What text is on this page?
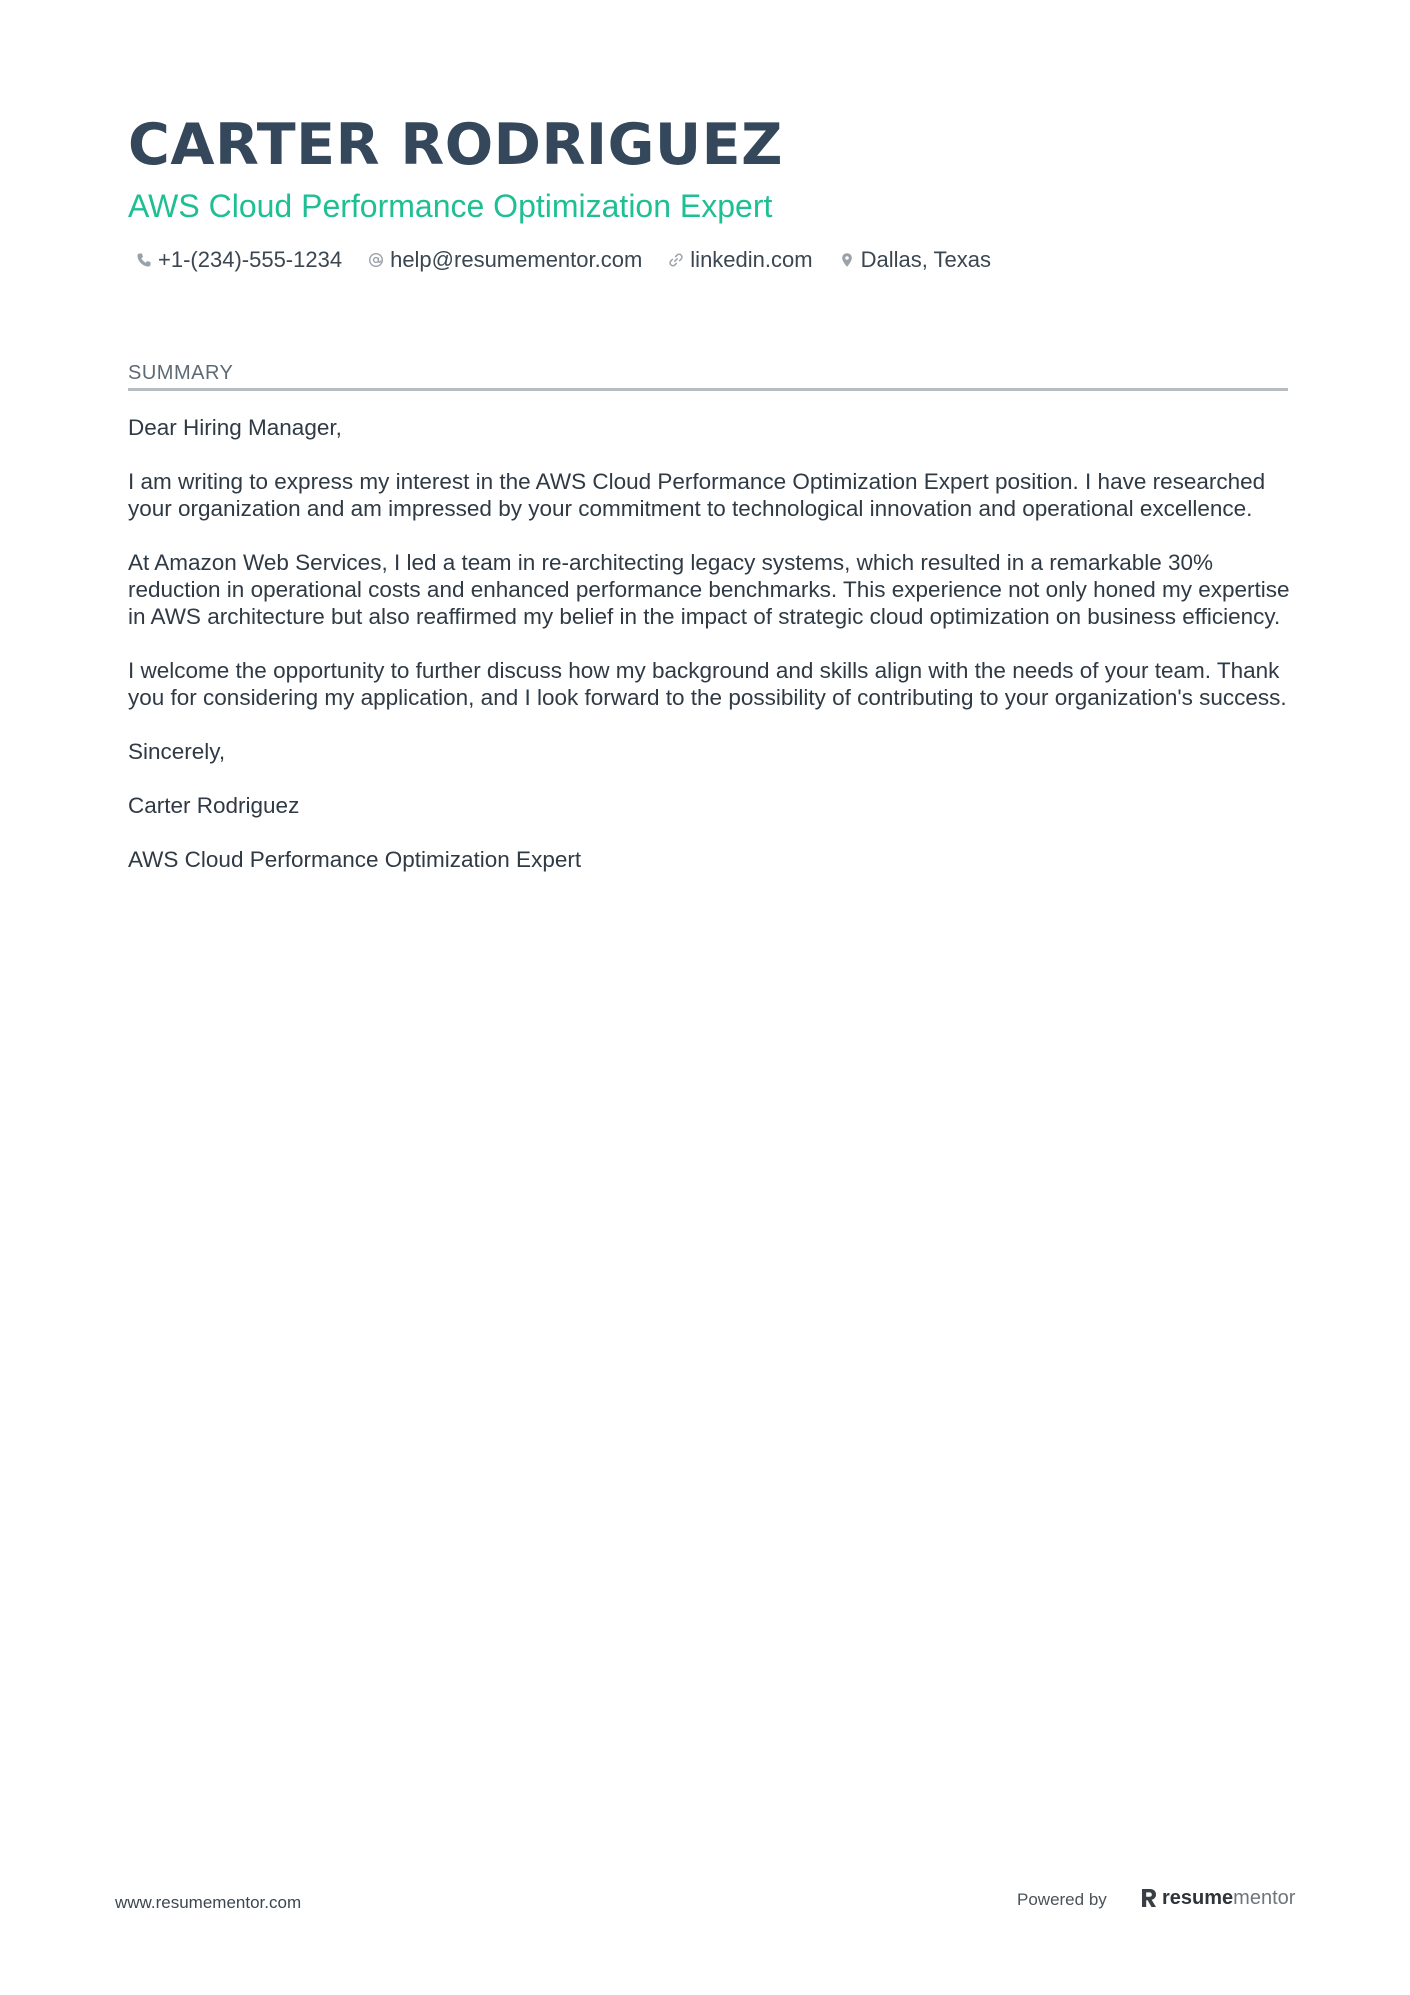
CARTER RODRIGUEZ
AWS Cloud Performance Optimization Expert
+1-(234)-555-1234 help@resumementor.com linkedin.com Dallas, Texas
SUMMARY

Dear Hiring Manager,

I am writing to express my interest in the AWS Cloud Performance Optimization Expert position. I have researched your organization and am impressed by your commitment to technological innovation and operational excellence.

At Amazon Web Services, I led a team in re-architecting legacy systems, which resulted in a remarkable 30% reduction in operational costs and enhanced performance benchmarks. This experience not only honed my expertise in AWS architecture but also reaffirmed my belief in the impact of strategic cloud optimization on business efficiency.

I welcome the opportunity to further discuss how my background and skills align with the needs of your team. Thank you for considering my application, and I look forward to the possibility of contributing to your organization's success.

Sincerely,

Carter Rodriguez

AWS Cloud Performance Optimization Expert

www.resumementor.com	Powered by	resumementor
